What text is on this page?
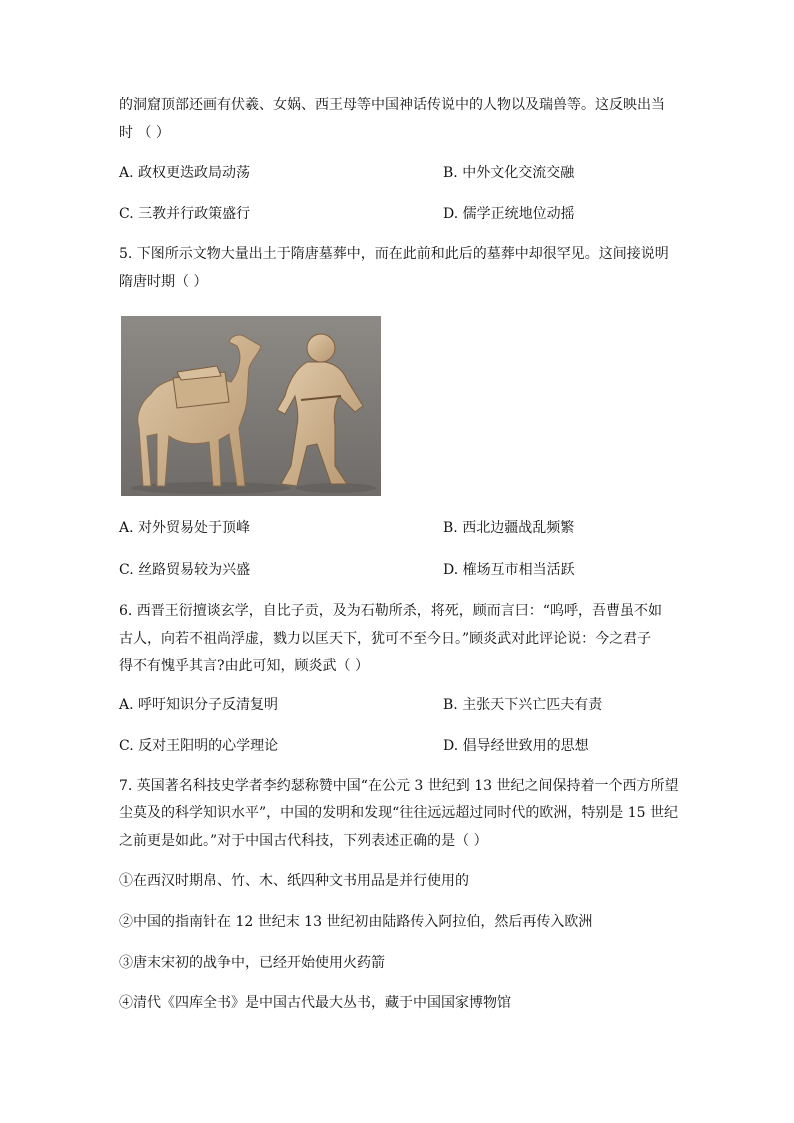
的洞窟顶部还画有伏羲、女娲、西王母等中国神话传说中的人物以及瑞兽等。这反映出当
时 （ ）
A. 政权更迭政局动荡	B. 中外文化交流交融
C. 三教并行政策盛行	D. 儒学正统地位动摇
5. 下图所示文物大量出土于隋唐墓葬中，而在此前和此后的墓葬中却很罕见。这间接说明
隋唐时期（ ）
A. 对外贸易处于顶峰	B. 西北边疆战乱频繁
C. 丝路贸易较为兴盛	D. 榷场互市相当活跃
6. 西晋王衍擅谈玄学，自比子贡，及为石勒所杀，将死，顾而言曰：“呜呼，吾曹虽不如
古人，向若不祖尚浮虚，戮力以匡天下，犹可不至今日。”顾炎武对此评论说：今之君子
得不有愧乎其言?由此可知，顾炎武（ ）
A. 呼吁知识分子反清复明	B. 主张天下兴亡匹夫有责
C. 反对王阳明的心学理论	D. 倡导经世致用的思想
7. 英国著名科技史学者李约瑟称赞中国“在公元 3 世纪到 13 世纪之间保持着一个西方所望
尘莫及的科学知识水平”，中国的发明和发现“往往远远超过同时代的欧洲，特别是 15 世纪
之前更是如此。”对于中国古代科技，下列表述正确的是（ ）
①在西汉时期帛、竹、木、纸四种文书用品是并行使用的
②中国的指南针在 12 世纪末 13 世纪初由陆路传入阿拉伯，然后再传入欧洲
③唐末宋初的战争中，已经开始使用火药箭
④清代《四库全书》是中国古代最大丛书，藏于中国国家博物馆
